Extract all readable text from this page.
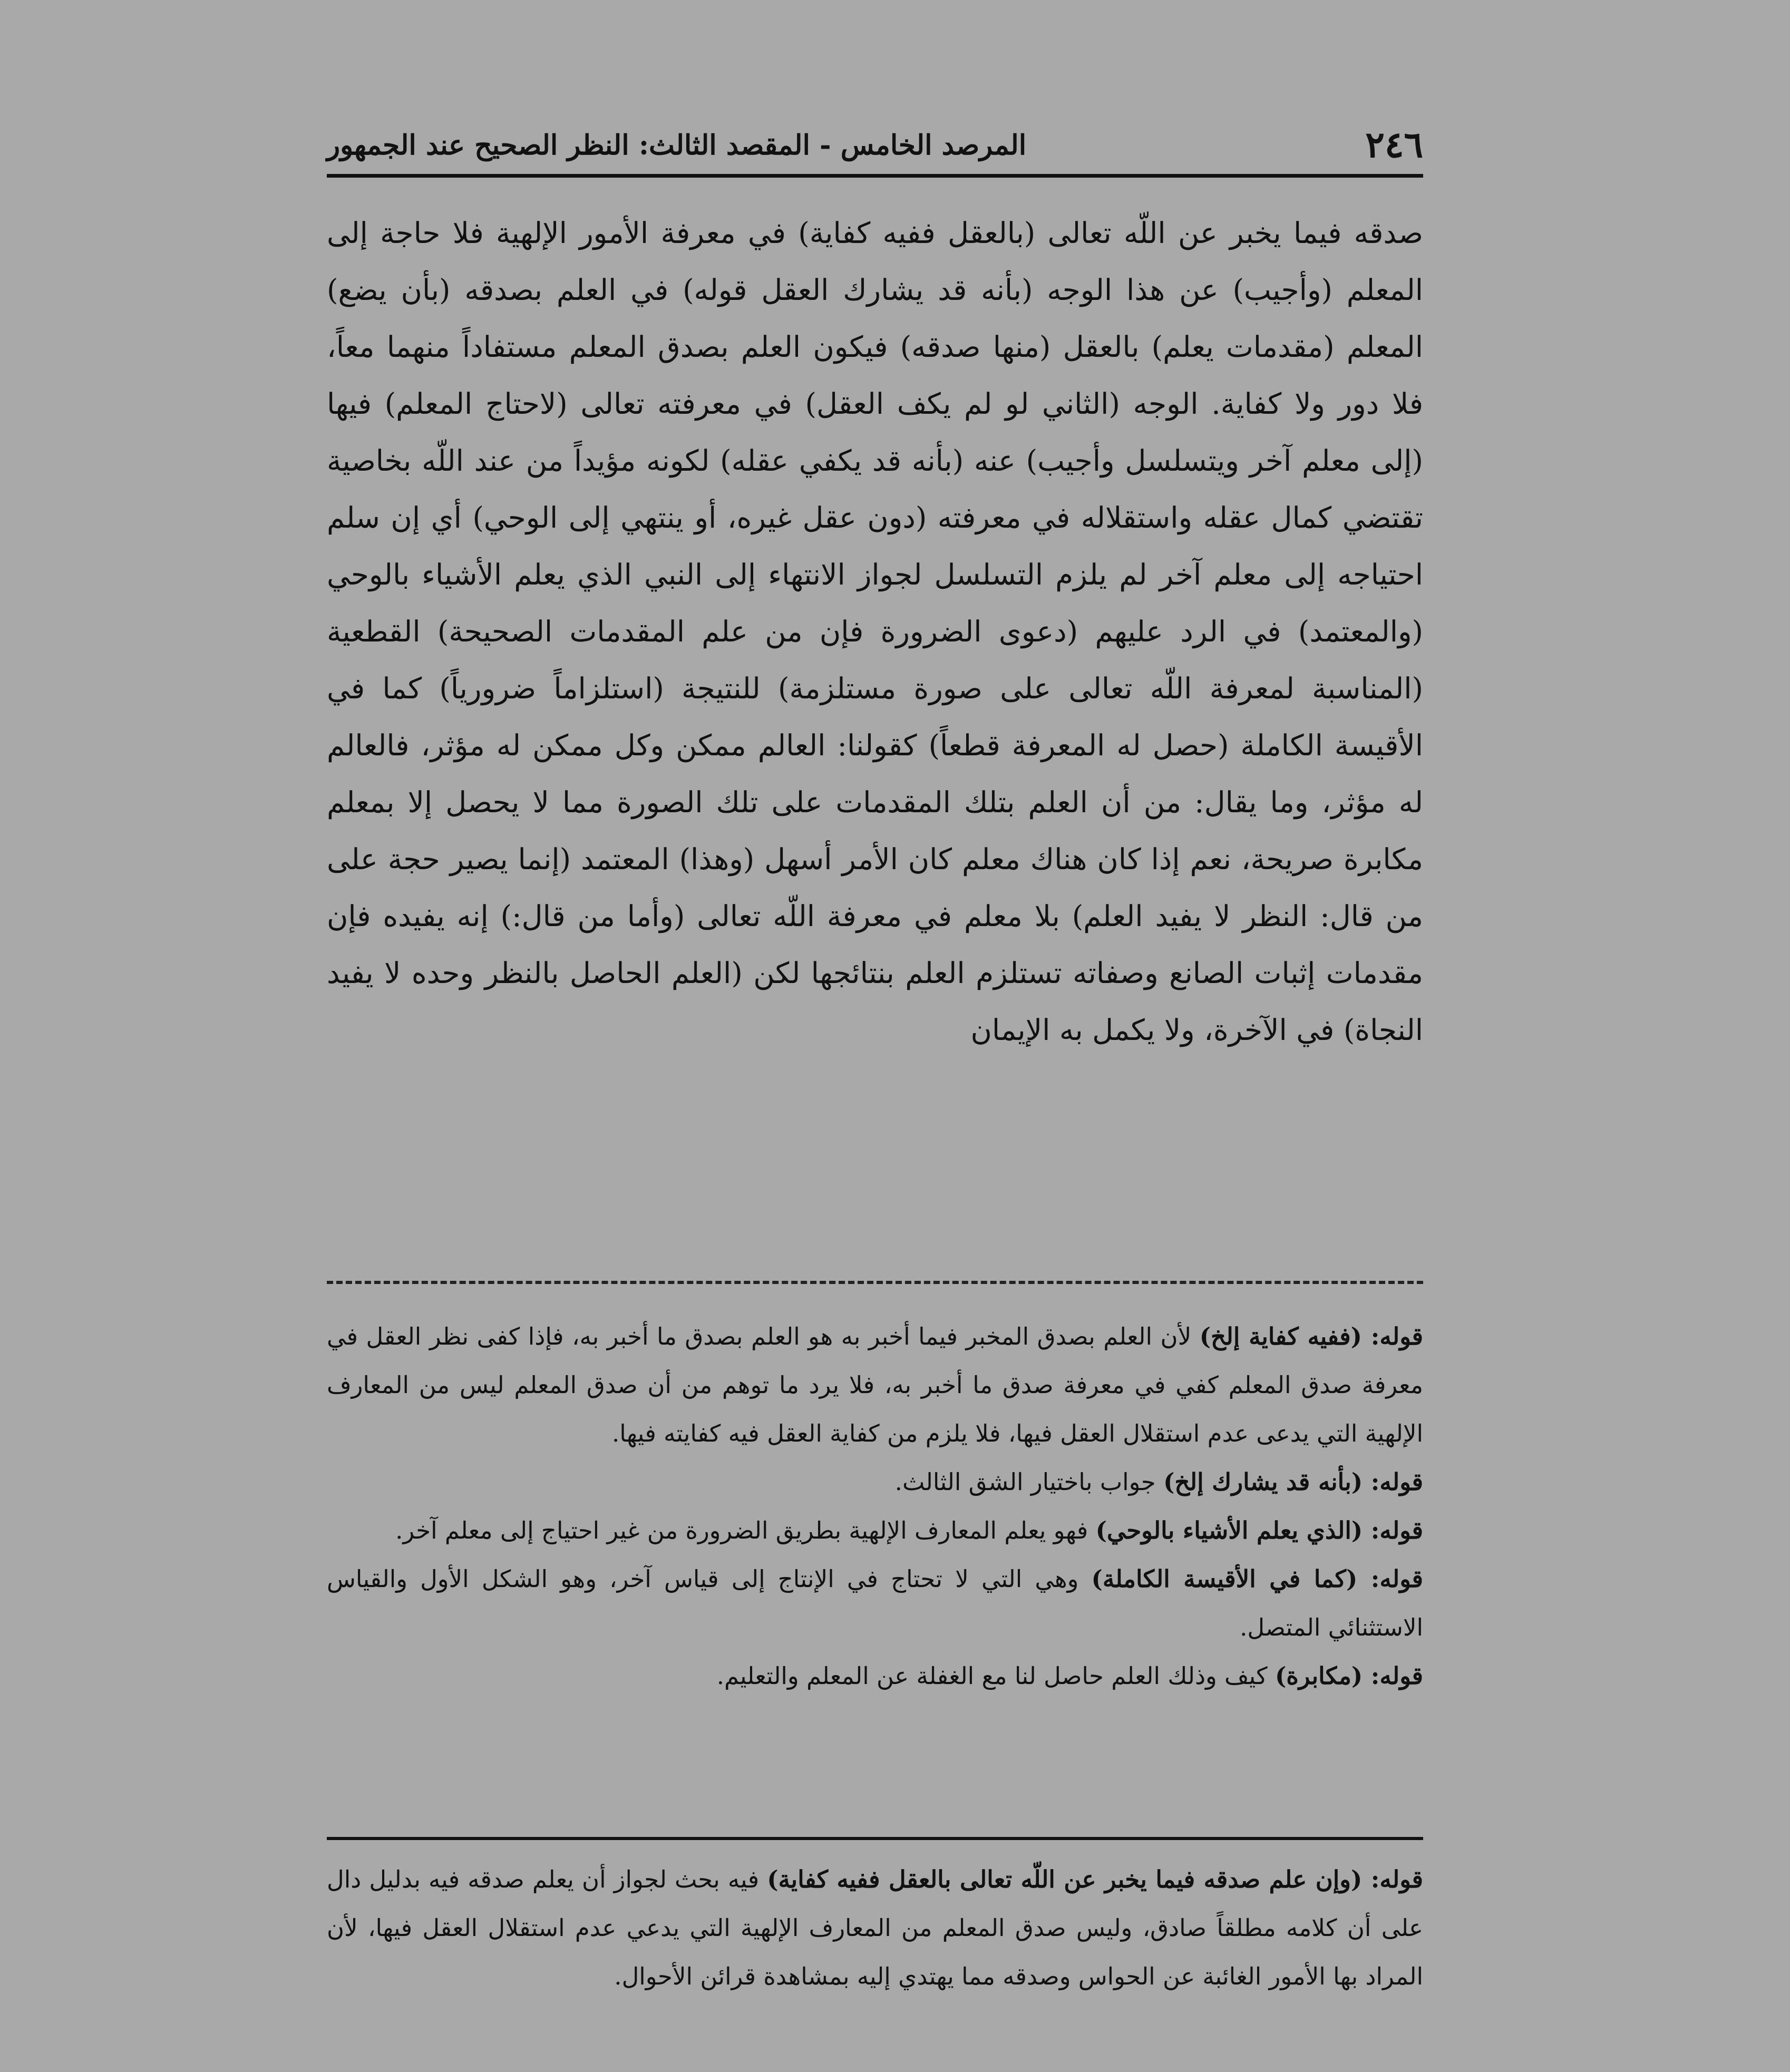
٢٤٦
المرصد الخامس - المقصد الثالث: النظر الصحيح عند الجمهور

صدقه فيما يخبر عن اللّه تعالى (بالعقل ففيه كفاية) في معرفة الأمور الإلهية فلا حاجة إلى المعلم (وأجيب) عن هذا الوجه (بأنه قد يشارك العقل قوله) في العلم بصدقه (بأن يضع) المعلم (مقدمات يعلم) بالعقل (منها صدقه) فيكون العلم بصدق المعلم مستفاداً منهما معاً، فلا دور ولا كفاية. الوجه (الثاني لو لم يكف العقل) في معرفته تعالى (لاحتاج المعلم) فيها (إلى معلم آخر ويتسلسل وأجيب) عنه (بأنه قد يكفي عقله) لكونه مؤيداً من عند اللّه بخاصية تقتضي كمال عقله واستقلاله في معرفته (دون عقل غيره، أو ينتهي إلى الوحي) أي إن سلم احتياجه إلى معلم آخر لم يلزم التسلسل لجواز الانتهاء إلى النبي الذي يعلم الأشياء بالوحي (والمعتمد) في الرد عليهم (دعوى الضرورة فإن من علم المقدمات الصحيحة) القطعية (المناسبة لمعرفة اللّه تعالى على صورة مستلزمة) للنتيجة (استلزاماً ضرورياً) كما في الأقيسة الكاملة (حصل له المعرفة قطعاً) كقولنا: العالم ممكن وكل ممكن له مؤثر، فالعالم له مؤثر، وما يقال: من أن العلم بتلك المقدمات على تلك الصورة مما لا يحصل إلا بمعلم مكابرة صريحة، نعم إذا كان هناك معلم كان الأمر أسهل (وهذا) المعتمد (إنما يصير حجة على من قال: النظر لا يفيد العلم) بلا معلم في معرفة اللّه تعالى (وأما من قال:) إنه يفيده فإن مقدمات إثبات الصانع وصفاته تستلزم العلم بنتائجها لكن (العلم الحاصل بالنظر وحده لا يفيد النجاة) في الآخرة، ولا يكمل به الإيمان

قوله: (ففيه كفاية إلخ) لأن العلم بصدق المخبر فيما أخبر به هو العلم بصدق ما أخبر به، فإذا كفى نظر العقل في معرفة صدق المعلم كفي في معرفة صدق ما أخبر به، فلا يرد ما توهم من أن صدق المعلم ليس من المعارف الإلهية التي يدعى عدم استقلال العقل فيها، فلا يلزم من كفاية العقل فيه كفايته فيها.

قوله: (بأنه قد يشارك إلخ) جواب باختيار الشق الثالث.

قوله: (الذي يعلم الأشياء بالوحي) فهو يعلم المعارف الإلهية بطريق الضرورة من غير احتياج إلى معلم آخر.

قوله: (كما في الأقيسة الكاملة) وهي التي لا تحتاج في الإنتاج إلى قياس آخر، وهو الشكل الأول والقياس الاستثنائي المتصل.

قوله: (مكابرة) كيف وذلك العلم حاصل لنا مع الغفلة عن المعلم والتعليم.

قوله: (وإن علم صدقه فيما يخبر عن اللّه تعالى بالعقل ففيه كفاية) فيه بحث لجواز أن يعلم صدقه فيه بدليل دال على أن كلامه مطلقاً صادق، وليس صدق المعلم من المعارف الإلهية التي يدعي عدم استقلال العقل فيها، لأن المراد بها الأمور الغائبة عن الحواس وصدقه مما يهتدي إليه بمشاهدة قرائن الأحوال.
